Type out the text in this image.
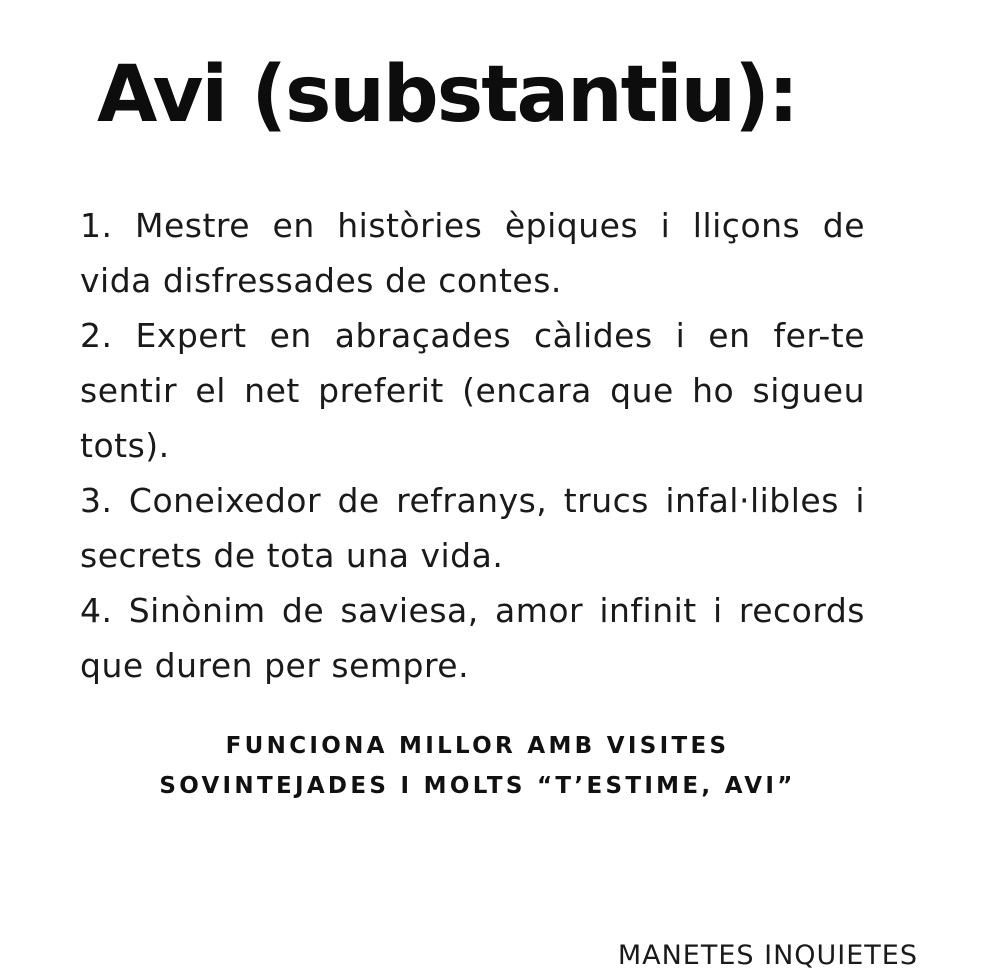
Avi (substantiu):
1. Mestre en històries èpiques i lliçons de vida disfressades de contes.
2. Expert en abraçades càlides i en fer-te sentir el net preferit (encara que ho sigueu tots).
3. Coneixedor de refranys, trucs infal·libles i secrets de tota una vida.
4. Sinònim de saviesa, amor infinit i records que duren per sempre.
FUNCIONA MILLOR AMB VISITES
SOVINTEJADES I MOLTS “T’ESTIME, AVI”
MANETES INQUIETES
